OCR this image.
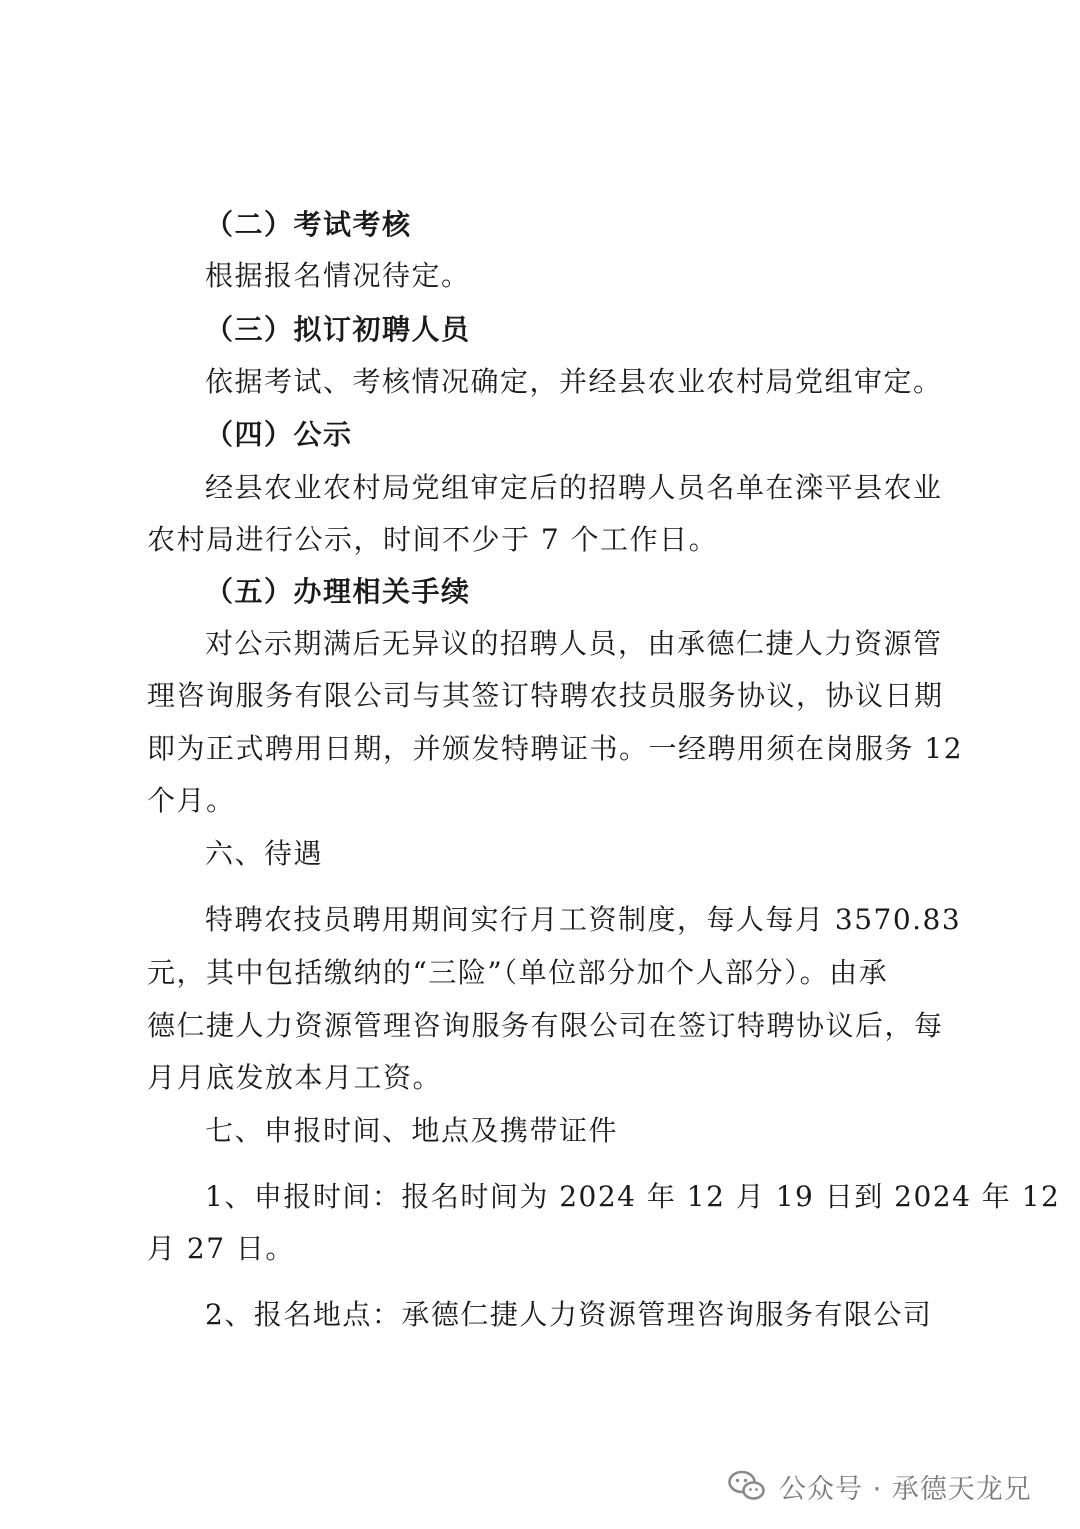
（二）考试考核
根据报名情况待定。
（三）拟订初聘人员
依据考试、考核情况确定，并经县农业农村局党组审定。
（四）公示
经县农业农村局党组审定后的招聘人员名单在滦平县农业
农村局进行公示，时间不少于 7 个工作日。
（五）办理相关手续
对公示期满后无异议的招聘人员，由承德仁捷人力资源管
理咨询服务有限公司与其签订特聘农技员服务协议，协议日期
即为正式聘用日期，并颁发特聘证书。一经聘用须在岗服务 12
个月。
六、待遇
特聘农技员聘用期间实行月工资制度，每人每月 3570.83
元，其中包括缴纳的“三险”（单位部分加个人部分）。由承
德仁捷人力资源管理咨询服务有限公司在签订特聘协议后，每
月月底发放本月工资。
七、申报时间、地点及携带证件
1、申报时间：报名时间为 2024 年 12 月 19 日到 2024 年 12
月 27 日。
2、报名地点：承德仁捷人力资源管理咨询服务有限公司
公众号 · 承德天龙兄
